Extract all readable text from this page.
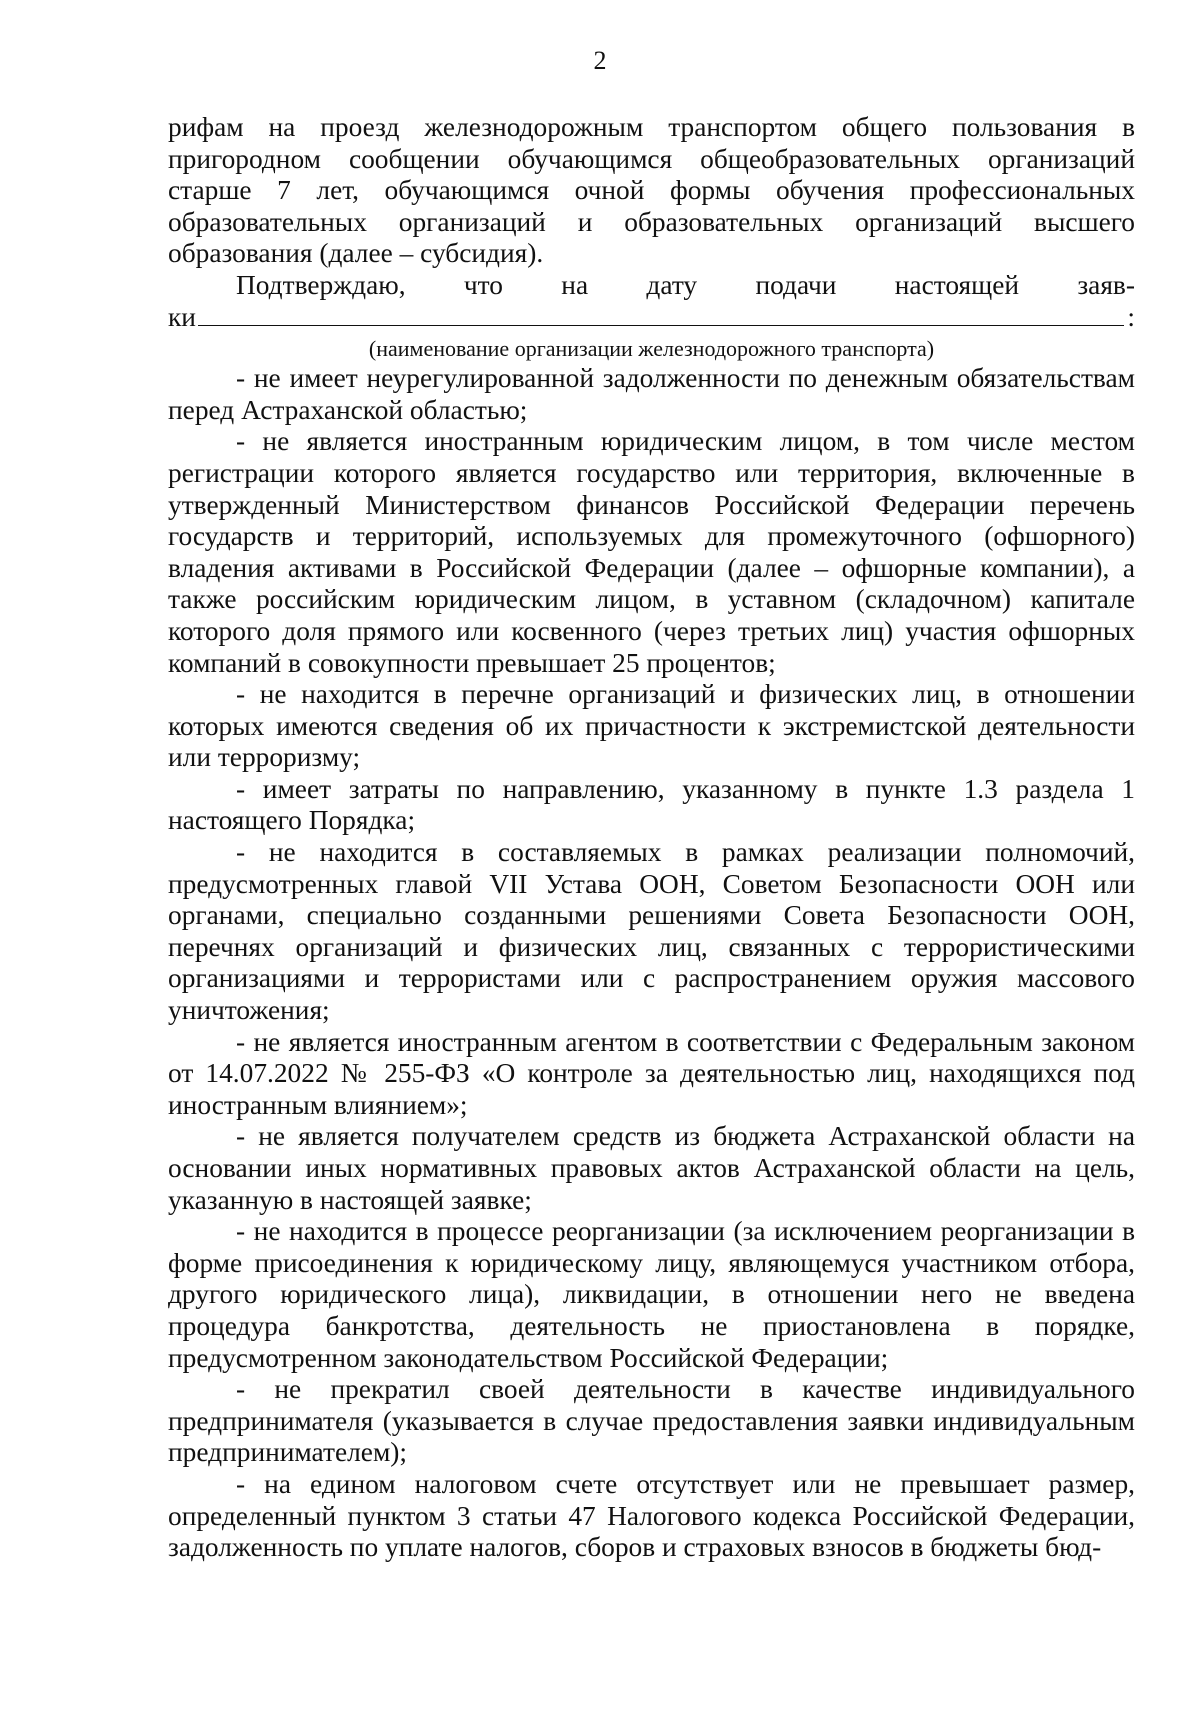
2

рифам на проезд железнодорожным транспортом общего пользования в пригородном сообщении обучающимся общеобразовательных организаций старше 7 лет, обучающимся очной формы обучения профессиональных образовательных организаций и образовательных организаций высшего образования (далее – субсидия).

Подтверждаю, что на дату подачи настоящей заяв-

ки	:

(наименование организации железнодорожного транспорта)

- не имеет неурегулированной задолженности по денежным обязательствам перед Астраханской областью;

- не является иностранным юридическим лицом, в том числе местом регистрации которого является государство или территория, включенные в утвержденный Министерством финансов Российской Федерации перечень государств и территорий, используемых для промежуточного (офшорного) владения активами в Российской Федерации (далее – офшорные компании), а также российским юридическим лицом, в уставном (складочном) капитале которого доля прямого или косвенного (через третьих лиц) участия офшорных компаний в совокупности превышает 25 процентов;

- не находится в перечне организаций и физических лиц, в отношении которых имеются сведения об их причастности к экстремистской деятельности или терроризму;

- имеет затраты по направлению, указанному в пункте 1.3 раздела 1 настоящего Порядка;

- не находится в составляемых в рамках реализации полномочий, предусмотренных главой VII Устава ООН, Советом Безопасности ООН или органами, специально созданными решениями Совета Безопасности ООН, перечнях организаций и физических лиц, связанных с террористическими организациями и террористами или с распространением оружия массового уничтожения;

- не является иностранным агентом в соответствии с Федеральным законом от 14.07.2022 № 255-ФЗ «О контроле за деятельностью лиц, находящихся под иностранным влиянием»;

- не является получателем средств из бюджета Астраханской области на основании иных нормативных правовых актов Астраханской области на цель, указанную в настоящей заявке;

- не находится в процессе реорганизации (за исключением реорганизации в форме присоединения к юридическому лицу, являющемуся участником отбора, другого юридического лица), ликвидации, в отношении него не введена процедура банкротства, деятельность не приостановлена в порядке, предусмотренном законодательством Российской Федерации;

- не прекратил своей деятельности в качестве индивидуального предпринимателя (указывается в случае предоставления заявки индивидуальным предпринимателем);

- на едином налоговом счете отсутствует или не превышает размер, определенный пунктом 3 статьи 47 Налогового кодекса Российской Федерации, задолженность по уплате налогов, сборов и страховых взносов в бюджеты бюд-
